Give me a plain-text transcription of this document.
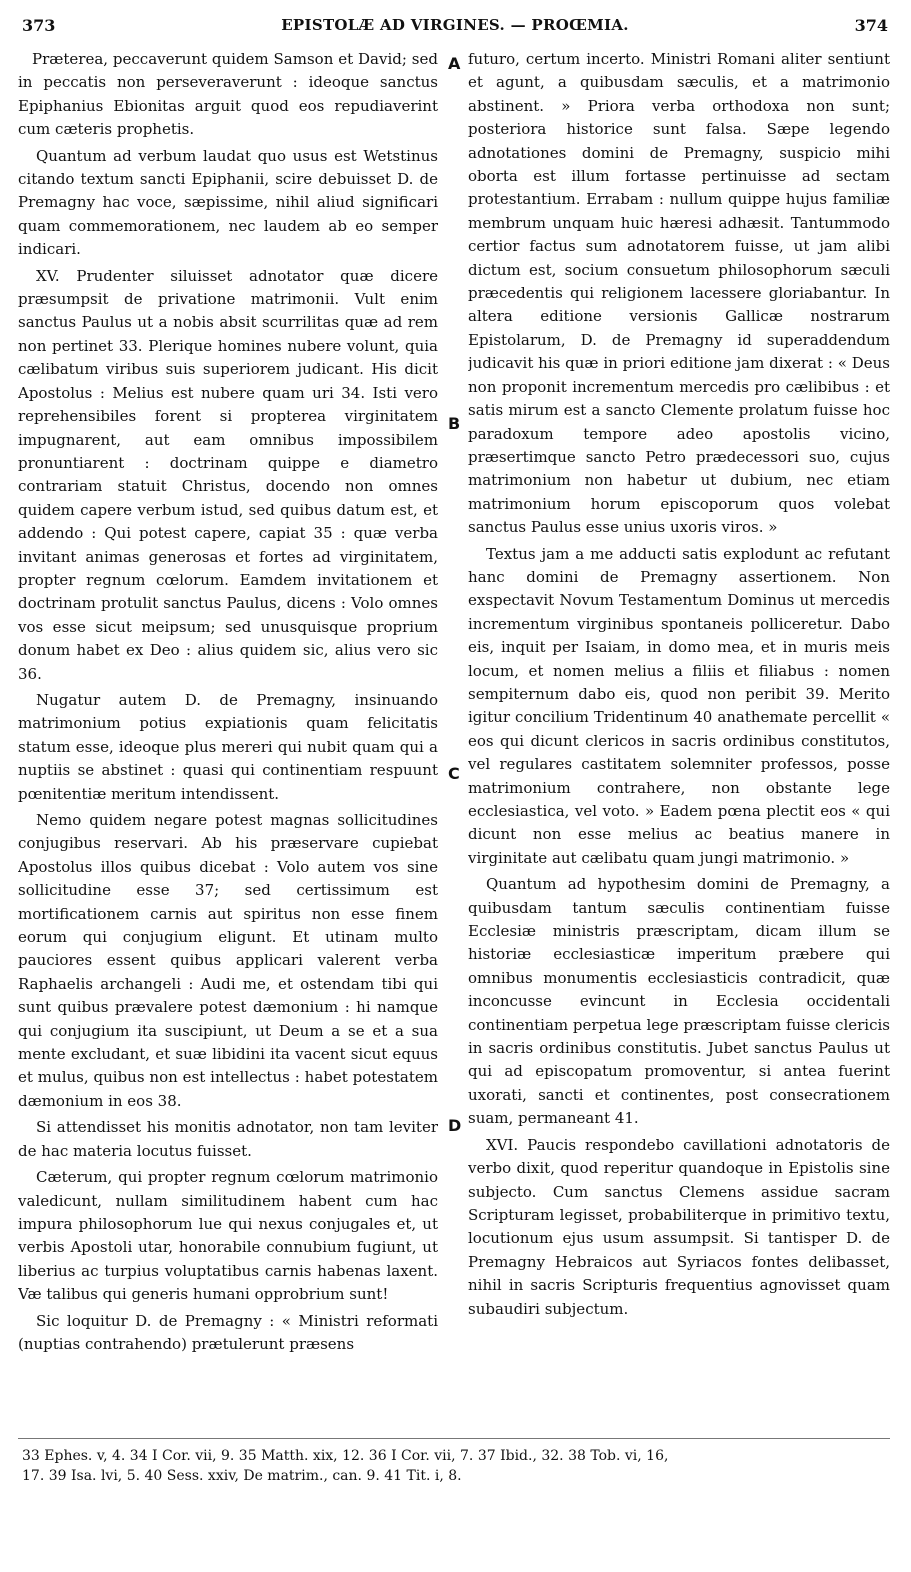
373	EPISTOLÆ AD VIRGINES. — PROŒMIA.	374

Præterea, peccaverunt quidem Samson et David; sed in peccatis non perseveraverunt : ideoque sanctus Epiphanius Ebionitas arguit quod eos repudiaverint cum cæteris prophetis.

Quantum ad verbum laudat quo usus est Wetstinus citando textum sancti Epiphanii, scire debuisset D. de Premagny hac voce, sæpissime, nihil aliud significari quam commemorationem, nec laudem ab eo semper indicari.

XV. Prudenter siluisset adnotator quæ dicere præsumpsit de privatione matrimonii. Vult enim sanctus Paulus ut a nobis absit scurrilitas quæ ad rem non pertinet 33. Plerique homines nubere volunt, quia cælibatum viribus suis superiorem judicant. His dicit Apostolus : Melius est nubere quam uri 34. Isti vero reprehensibiles forent si propterea virginitatem impugnarent, aut eam omnibus impossibilem pronuntiarent : doctrinam quippe e diametro contrariam statuit Christus, docendo non omnes quidem capere verbum istud, sed quibus datum est, et addendo : Qui potest capere, capiat 35 : quæ verba invitant animas generosas et fortes ad virginitatem, propter regnum cœlorum. Eamdem invitationem et doctrinam protulit sanctus Paulus, dicens : Volo omnes vos esse sicut meipsum; sed unusquisque proprium donum habet ex Deo : alius quidem sic, alius vero sic 36.

Nugatur autem D. de Premagny, insinuando matrimonium potius expiationis quam felicitatis statum esse, ideoque plus mereri qui nubit quam qui a nuptiis se abstinet : quasi qui continentiam respuunt pœnitentiæ meritum intendissent.

Nemo quidem negare potest magnas sollicitudines conjugibus reservari. Ab his præservare cupiebat Apostolus illos quibus dicebat : Volo autem vos sine sollicitudine esse 37; sed certissimum est mortificationem carnis aut spiritus non esse finem eorum qui conjugium eligunt. Et utinam multo pauciores essent quibus applicari valerent verba Raphaelis archangeli : Audi me, et ostendam tibi qui sunt quibus prævalere potest dæmonium : hi namque qui conjugium ita suscipiunt, ut Deum a se et a sua mente excludant, et suæ libidini ita vacent sicut equus et mulus, quibus non est intellectus : habet potestatem dæmonium in eos 38.

Si attendisset his monitis adnotator, non tam leviter de hac materia locutus fuisset.

Cæterum, qui propter regnum cœlorum matrimonio valedicunt, nullam similitudinem habent cum hac impura philosophorum lue qui nexus conjugales et, ut verbis Apostoli utar, honorabile connubium fugiunt, ut liberius ac turpius voluptatibus carnis habenas laxent. Væ talibus qui generis humani opprobrium sunt!

Sic loquitur D. de Premagny : « Ministri reformati (nuptias contrahendo) prætulerunt præsens

A
B
C
D

futuro, certum incerto. Ministri Romani aliter sentiunt et agunt, a quibusdam sæculis, et a matrimonio abstinent. » Priora verba orthodoxa non sunt; posteriora historice sunt falsa. Sæpe legendo adnotationes domini de Premagny, suspicio mihi oborta est illum fortasse pertinuisse ad sectam protestantium. Errabam : nullum quippe hujus familiæ membrum unquam huic hæresi adhæsit. Tantummodo certior factus sum adnotatorem fuisse, ut jam alibi dictum est, socium consuetum philosophorum sæculi præcedentis qui religionem lacessere gloriabantur. In altera editione versionis Gallicæ nostrarum Epistolarum, D. de Premagny id superaddendum judicavit his quæ in priori editione jam dixerat : « Deus non proponit incrementum mercedis pro cælibibus : et satis mirum est a sancto Clemente prolatum fuisse hoc paradoxum tempore adeo apostolis vicino, præsertimque sancto Petro prædecessori suo, cujus matrimonium non habetur ut dubium, nec etiam matrimonium horum episcoporum quos volebat sanctus Paulus esse unius uxoris viros. »

Textus jam a me adducti satis explodunt ac refutant hanc domini de Premagny assertionem. Non exspectavit Novum Testamentum Dominus ut mercedis incrementum virginibus spontaneis pollicеretur. Dabo eis, inquit per Isaiam, in domo mea, et in muris meis locum, et nomen melius a filiis et filiabus : nomen sempiternum dabo eis, quod non peribit 39. Merito igitur concilium Tridentinum 40 anathemate percellit « eos qui dicunt clericos in sacris ordinibus constitutos, vel regulares castitatem solemniter professos, posse matrimonium contrahere, non obstante lege ecclesiastica, vel voto. » Eadem pœna plectit eos « qui dicunt non esse melius ac beatius manere in virginitate aut cælibatu quam jungi matrimonio. »

Quantum ad hypothesim domini de Premagny, a quibusdam tantum sæculis continentiam fuisse Ecclesiæ ministris præscriptam, dicam illum se historiæ ecclesiasticæ imperitum præbere qui omnibus monumentis ecclesiasticis contradicit, quæ inconcusse evincunt in Ecclesia occidentali continentiam perpetua lege præscriptam fuisse clericis in sacris ordinibus constitutis. Jubet sanctus Paulus ut qui ad episcopatum promoventur, si antea fuerint uxorati, sancti et continentes, post consecrationem suam, permaneant 41.

XVI. Paucis respondebo cavillationi adnotatoris de verbo dixit, quod reperitur quandoque in Epistolis sine subjecto. Cum sanctus Clemens assidue sacram Scripturam legisset, probabiliterque in primitivo textu, locutionum ejus usum assumpsit. Si tantisper D. de Premagny Hebraicos aut Syriacos fontes delibasset, nihil in sacris Scripturis frequentius agnovisset quam subaudiri subjectum.

33 Ephes. v, 4. 34 I Cor. vii, 9. 35 Matth. xix, 12. 36 I Cor. vii, 7. 37 Ibid., 32. 38 Tob. vi, 16,
17. 39 Isa. lvi, 5. 40 Sess. xxiv, De matrim., can. 9. 41 Tit. i, 8.
